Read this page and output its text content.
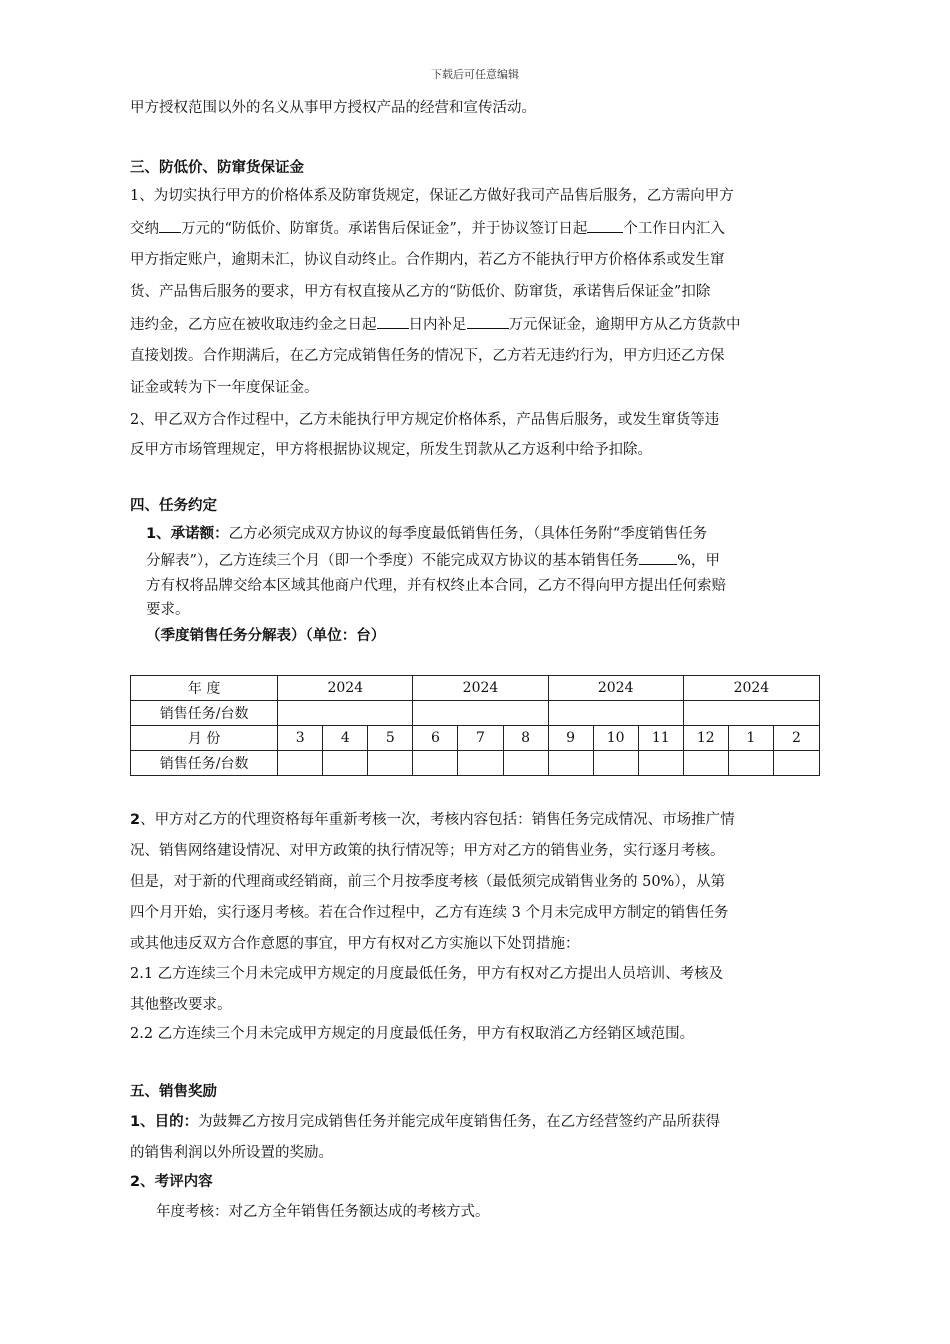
下载后可任意编辑
甲方授权范围以外的名义从事甲方授权产品的经营和宣传活动。
三、防低价、防窜货保证金
1、为切实执行甲方的价格体系及防窜货规定，保证乙方做好我司产品售后服务，乙方需向甲方
交纳 万元的“防低价、防窜货。承诺售后保证金”，并于协议签订日起 个工作日内汇入
甲方指定账户，逾期未汇，协议自动终止。合作期内，若乙方不能执行甲方价格体系或发生窜
货、产品售后服务的要求，甲方有权直接从乙方的“防低价、防窜货，承诺售后保证金”扣除
违约金，乙方应在被收取违约金之日起 日内补足	万元保证金，逾期甲方从乙方货款中
直接划拨。合作期满后，在乙方完成销售任务的情况下，乙方若无违约行为，甲方归还乙方保
证金或转为下一年度保证金。
2、甲乙双方合作过程中，乙方未能执行甲方规定价格体系，产品售后服务，或发生窜货等违
反甲方市场管理规定，甲方将根据协议规定，所发生罚款从乙方返利中给予扣除。
四、任务约定
1、承诺额：乙方必须完成双方协议的每季度最低销售任务，（具体任务附“季度销售任务
分解表”），乙方连续三个月（即一个季度）不能完成双方协议的基本销售任务	%，甲
方有权将品牌交给本区域其他商户代理，并有权终止本合同，乙方不得向甲方提出任何索赔
要求。
（季度销售任务分解表）（单位：台）
年 度	2024			2024			2024			2024		
销售任务/台数												
月 份	3	4	5	6	7	8	9	10	11	12	1	2
销售任务/台数												
2、甲方对乙方的代理资格每年重新考核一次，考核内容包括：销售任务完成情况、市场推广情
况、销售网络建设情况、对甲方政策的执行情况等；甲方对乙方的销售业务，实行逐月考核。
但是，对于新的代理商或经销商，前三个月按季度考核（最低须完成销售业务的 50%），从第
四个月开始，实行逐月考核。若在合作过程中，乙方有连续 3 个月未完成甲方制定的销售任务
或其他违反双方合作意愿的事宜，甲方有权对乙方实施以下处罚措施：
2.1 乙方连续三个月未完成甲方规定的月度最低任务，甲方有权对乙方提出人员培训、考核及
其他整改要求。
2.2 乙方连续三个月未完成甲方规定的月度最低任务，甲方有权取消乙方经销区域范围。
五、销售奖励
1、目的：为鼓舞乙方按月完成销售任务并能完成年度销售任务，在乙方经营签约产品所获得
的销售利润以外所设置的奖励。
2、考评内容
年度考核：对乙方全年销售任务额达成的考核方式。
